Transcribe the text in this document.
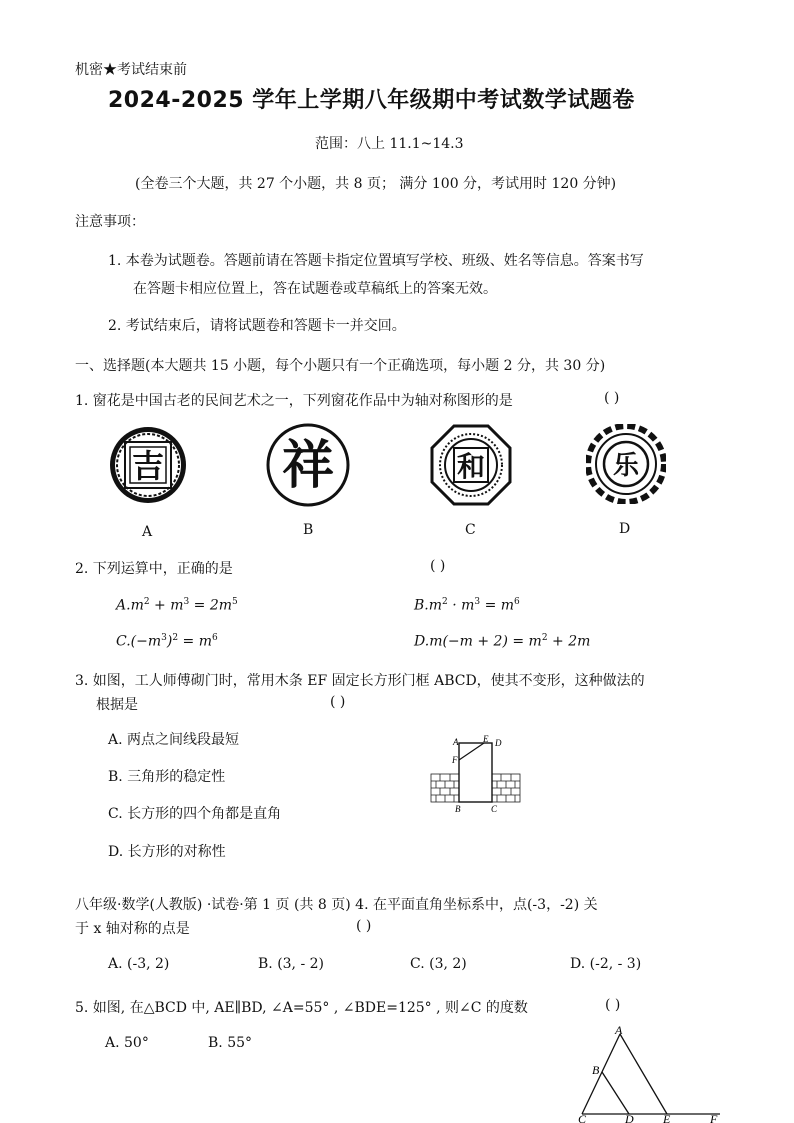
机密★考试结束前
2024-2025 学年上学期八年级期中考试数学试题卷
范围：八上 11.1~14.3
(全卷三个大题，共 27 个小题，共 8 页； 满分 100 分，考试用时 120 分钟)
注意事项：
1. 本卷为试题卷。答题前请在答题卡指定位置填写学校、班级、姓名等信息。答案书写
在答题卡相应位置上，答在试题卷或草稿纸上的答案无效。
2. 考试结束后，请将试题卷和答题卡一并交回。
一、选择题(本大题共 15 小题，每个小题只有一个正确选项，每小题 2 分，共 30 分)
1. 窗花是中国古老的民间艺术之一，下列窗花作品中为轴对称图形的是	( )
吉
A
祥
B
和
C
乐
D
2. 下列运算中，正确的是	( )
$A.m^2 + m^3 = 2m^5$	$B.m^2 \cdot m^3 = m^6$
$C.(-m^3)^2 = m^6$	$D.m(-m + 2) = m^2 + 2m$
3. 如图，工人师傅砌门时，常用木条 EF 固定长方形门框 ABCD，使其不变形，这种做法的
根据是	( )
A. 两点之间线段最短
B. 三角形的稳定性
C. 长方形的四个角都是直角
D. 长方形的对称性
A	E D
F
B	C
八年级·数学(人教版) ·试卷·第 1 页 (共 8 页) 4. 在平面直角坐标系中，点(-3，-2) 关
于 x 轴对称的点是	( )
A. (-3, 2)	B. (3, - 2)	C. (3, 2)	D. (-2, - 3)
5. 如图, 在△BCD 中, AE∥BD, ∠A=55° , ∠BDE=125° , 则∠C 的度数	( )
A. 50°	B. 55°
A
B
C	D E	F
